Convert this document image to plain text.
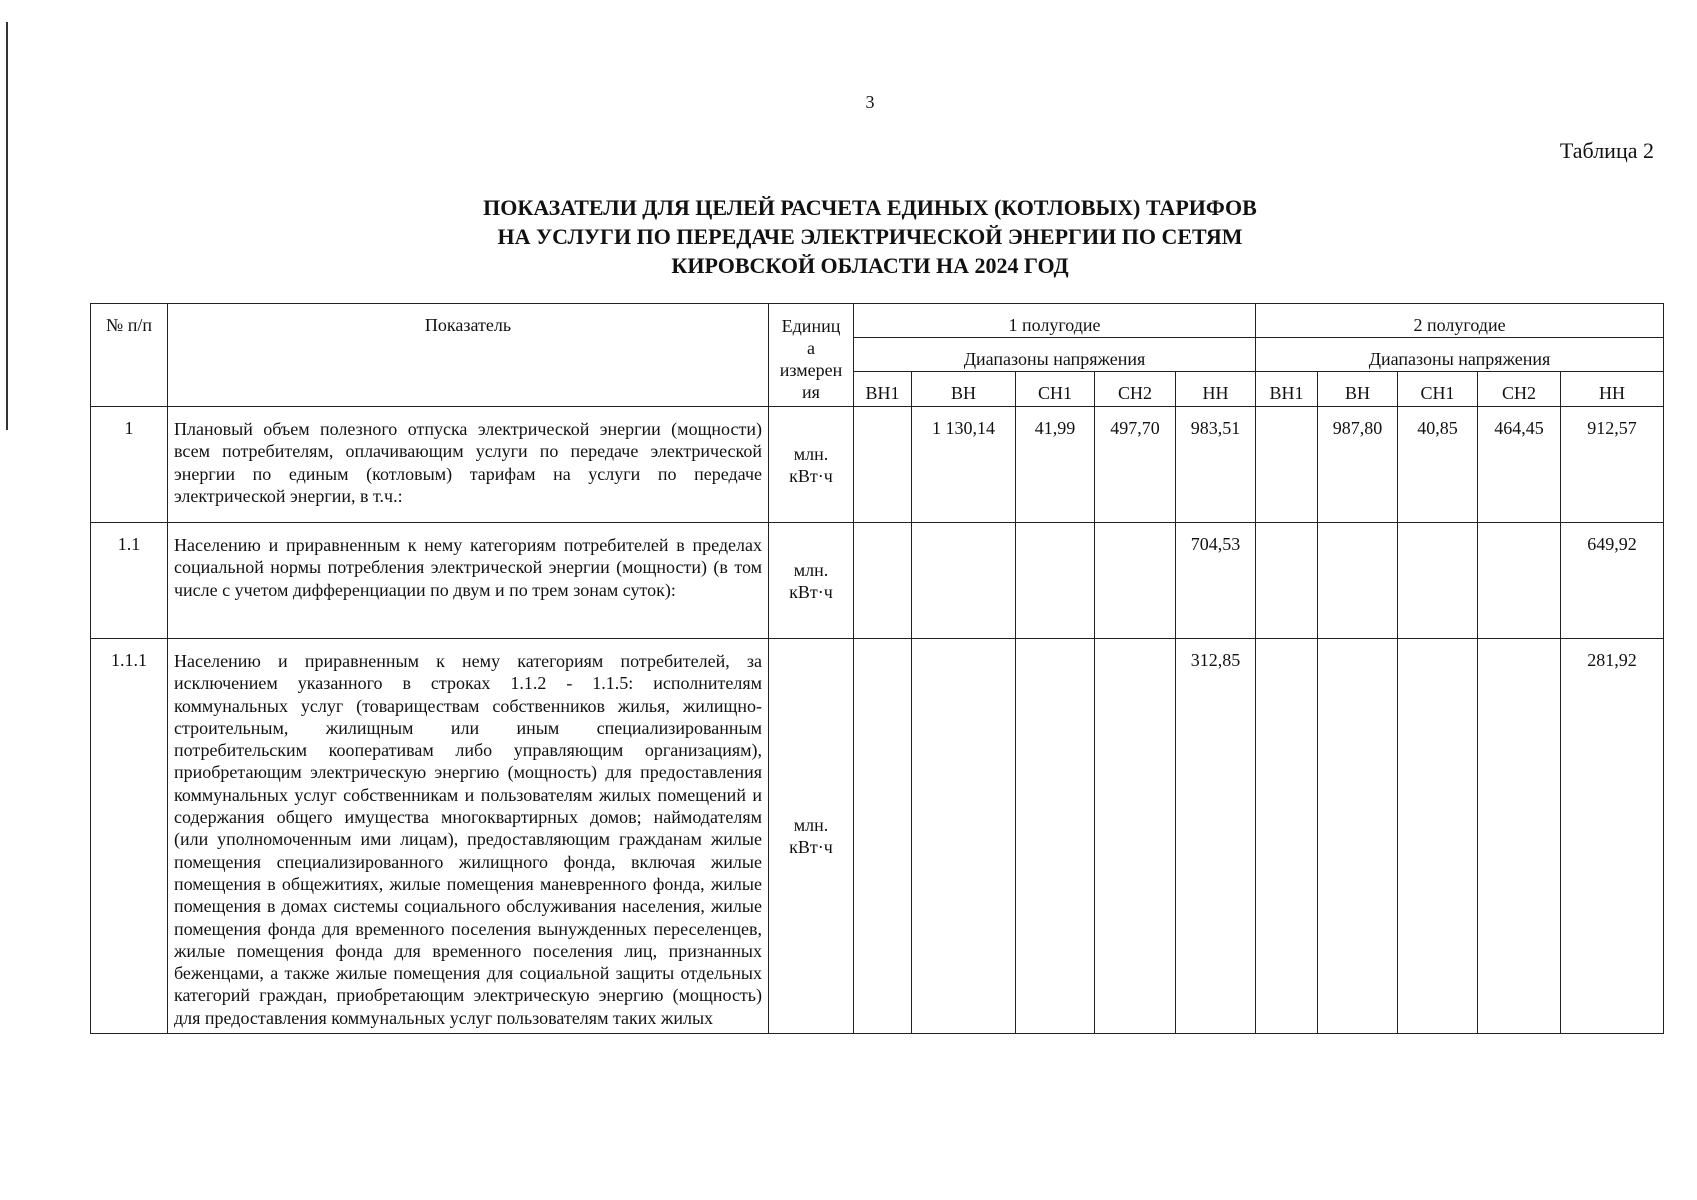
3
Таблица 2
ПОКАЗАТЕЛИ ДЛЯ ЦЕЛЕЙ РАСЧЕТА ЕДИНЫХ (КОТЛОВЫХ) ТАРИФОВ
НА УСЛУГИ ПО ПЕРЕДАЧЕ ЭЛЕКТРИЧЕСКОЙ ЭНЕРГИИ ПО СЕТЯМ
КИРОВСКОЙ ОБЛАСТИ НА 2024 ГОД
№ п/п	Показатель	Единиц
а
измерен
ия	1 полугодие					2 полугодие				
			Диапазоны напряжения					Диапазоны напряжения				
			ВН1	ВН	СН1	СН2	НН	ВН1	ВН	СН1	СН2	НН
1	Плановый объем полезного отпуска электрической энергии (мощности) всем потребителям, оплачивающим услуги по передаче электрической энергии по единым (котловым) тарифам на услуги по передаче электрической энергии, в т.ч.:	млн.
кВт·ч		1 130,14	41,99	497,70	983,51		987,80	40,85	464,45	912,57
1.1	Населению и приравненным к нему категориям потребителей в пределах социальной нормы потребления электрической энергии (мощности) (в том числе с учетом дифференциации по двум и по трем зонам суток):	млн.
кВт·ч					704,53					649,92
1.1.1	Населению и приравненным к нему категориям потребителей, за исключением указанного в строках 1.1.2 - 1.1.5: исполнителям коммунальных услуг (товариществам собственников жилья, жилищно-строительным, жилищным или иным специализированным потребительским кооперативам либо управляющим организациям), приобретающим электрическую энергию (мощность) для предоставления коммунальных услуг собственникам и пользователям жилых помещений и содержания общего имущества многоквартирных домов; наймодателям (или уполномоченным ими лицам), предоставляющим гражданам жилые помещения специализированного жилищного фонда, включая жилые помещения в общежитиях, жилые помещения маневренного фонда, жилые помещения в домах системы социального обслуживания населения, жилые помещения фонда для временного поселения вынужденных переселенцев, жилые помещения фонда для временного поселения лиц, признанных беженцами, а также жилые помещения для социальной защиты отдельных категорий граждан, приобретающим электрическую энергию (мощность) для предоставления коммунальных услуг пользователям таких жилых	млн.
кВт·ч					312,85					281,92
